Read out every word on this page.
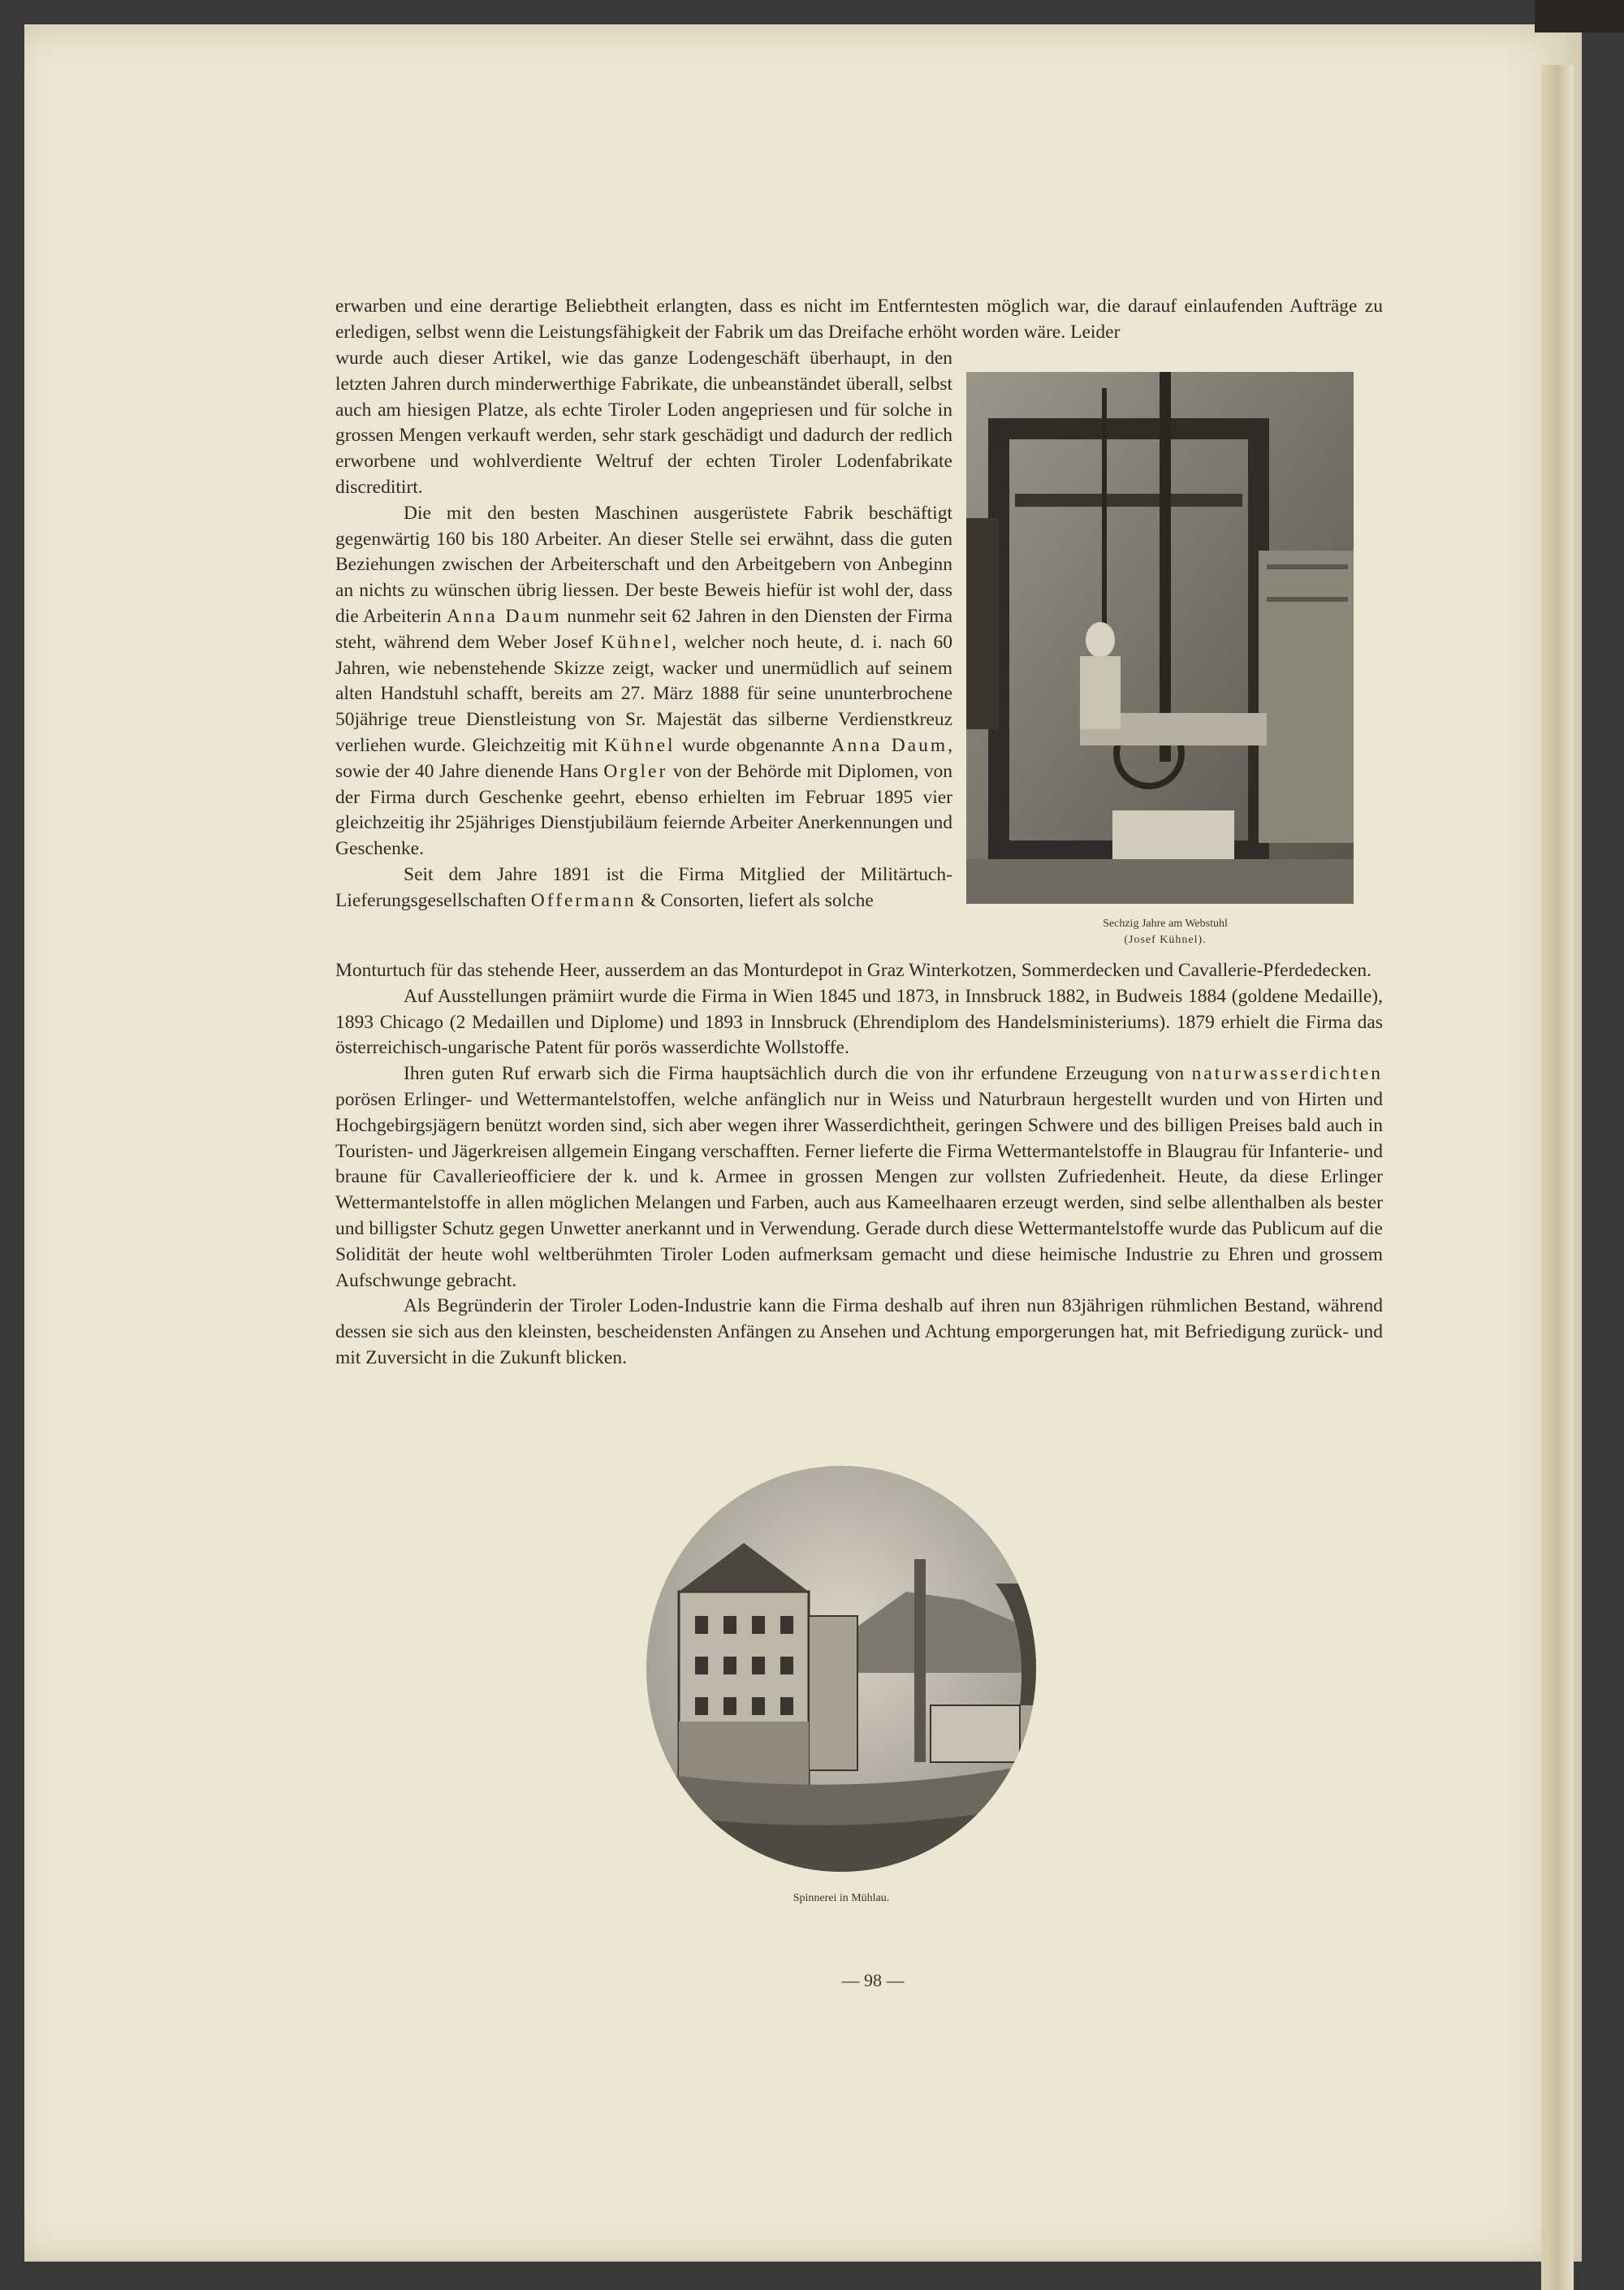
erwarben und eine derartige Beliebtheit erlangten, dass es nicht im Entferntesten möglich war, die darauf einlaufenden Aufträge zu erledigen, selbst wenn die Leistungsfähigkeit der Fabrik um das Dreifache erhöht worden wäre. Leider

wurde auch dieser Artikel, wie das ganze Lodengeschäft überhaupt, in den letzten Jahren durch minderwerthige Fabrikate, die unbeanständet überall, selbst auch am hiesigen Platze, als echte Tiroler Loden angepriesen und für solche in grossen Mengen verkauft werden, sehr stark geschädigt und dadurch der redlich erworbene und wohlverdiente Weltruf der echten Tiroler Lodenfabrikate discreditirt.

Die mit den besten Maschinen ausgerüstete Fabrik beschäftigt gegenwärtig 160 bis 180 Arbeiter. An dieser Stelle sei erwähnt, dass die guten Beziehungen zwischen der Arbeiterschaft und den Arbeitgebern von Anbeginn an nichts zu wünschen übrig liessen. Der beste Beweis hiefür ist wohl der, dass die Arbeiterin Anna Daum nunmehr seit 62 Jahren in den Diensten der Firma steht, während dem Weber Josef Kühnel, welcher noch heute, d. i. nach 60 Jahren, wie nebenstehende Skizze zeigt, wacker und unermüdlich auf seinem alten Handstuhl schafft, bereits am 27. März 1888 für seine ununterbrochene 50jährige treue Dienstleistung von Sr. Majestät das silberne Verdienstkreuz verliehen wurde. Gleichzeitig mit Kühnel wurde obgenannte Anna Daum, sowie der 40 Jahre dienende Hans Orgler von der Behörde mit Diplomen, von der Firma durch Geschenke geehrt, ebenso erhielten im Februar 1895 vier gleichzeitig ihr 25jähriges Dienstjubiläum feiernde Arbeiter Anerkennungen und Geschenke.

Seit dem Jahre 1891 ist die Firma Mitglied der Militärtuch-Lieferungsgesellschaften Offermann & Consorten, liefert als solche

Sechzig Jahre am Webstuhl
(Josef Kühnel).

Monturtuch für das stehende Heer, ausserdem an das Monturdepot in Graz Winterkotzen, Sommerdecken und Cavallerie-Pferdedecken.

Auf Ausstellungen prämiirt wurde die Firma in Wien 1845 und 1873, in Innsbruck 1882, in Budweis 1884 (goldene Medaille), 1893 Chicago (2 Medaillen und Diplome) und 1893 in Innsbruck (Ehrendiplom des Handelsministeriums). 1879 erhielt die Firma das österreichisch-ungarische Patent für porös wasserdichte Wollstoffe.

Ihren guten Ruf erwarb sich die Firma hauptsächlich durch die von ihr erfundene Erzeugung von naturwasserdichten porösen Erlinger- und Wettermantelstoffen, welche anfänglich nur in Weiss und Naturbraun hergestellt wurden und von Hirten und Hochgebirgsjägern benützt worden sind, sich aber wegen ihrer Wasserdichtheit, geringen Schwere und des billigen Preises bald auch in Touristen- und Jägerkreisen allgemein Eingang verschafften. Ferner lieferte die Firma Wettermantelstoffe in Blaugrau für Infanterie- und braune für Cavallerieofficiere der k. und k. Armee in grossen Mengen zur vollsten Zufriedenheit. Heute, da diese Erlinger Wettermantelstoffe in allen möglichen Melangen und Farben, auch aus Kameelhaaren erzeugt werden, sind selbe allenthalben als bester und billigster Schutz gegen Unwetter anerkannt und in Verwendung. Gerade durch diese Wettermantelstoffe wurde das Publicum auf die Solidität der heute wohl weltberühmten Tiroler Loden aufmerksam gemacht und diese heimische Industrie zu Ehren und grossem Aufschwunge gebracht.

Als Begründerin der Tiroler Loden-Industrie kann die Firma deshalb auf ihren nun 83jährigen rühmlichen Bestand, während dessen sie sich aus den kleinsten, bescheidensten Anfängen zu Ansehen und Achtung emporgerungen hat, mit Befriedigung zurück- und mit Zuversicht in die Zukunft blicken.

Spinnerei in Mühlau.
— 98 —
